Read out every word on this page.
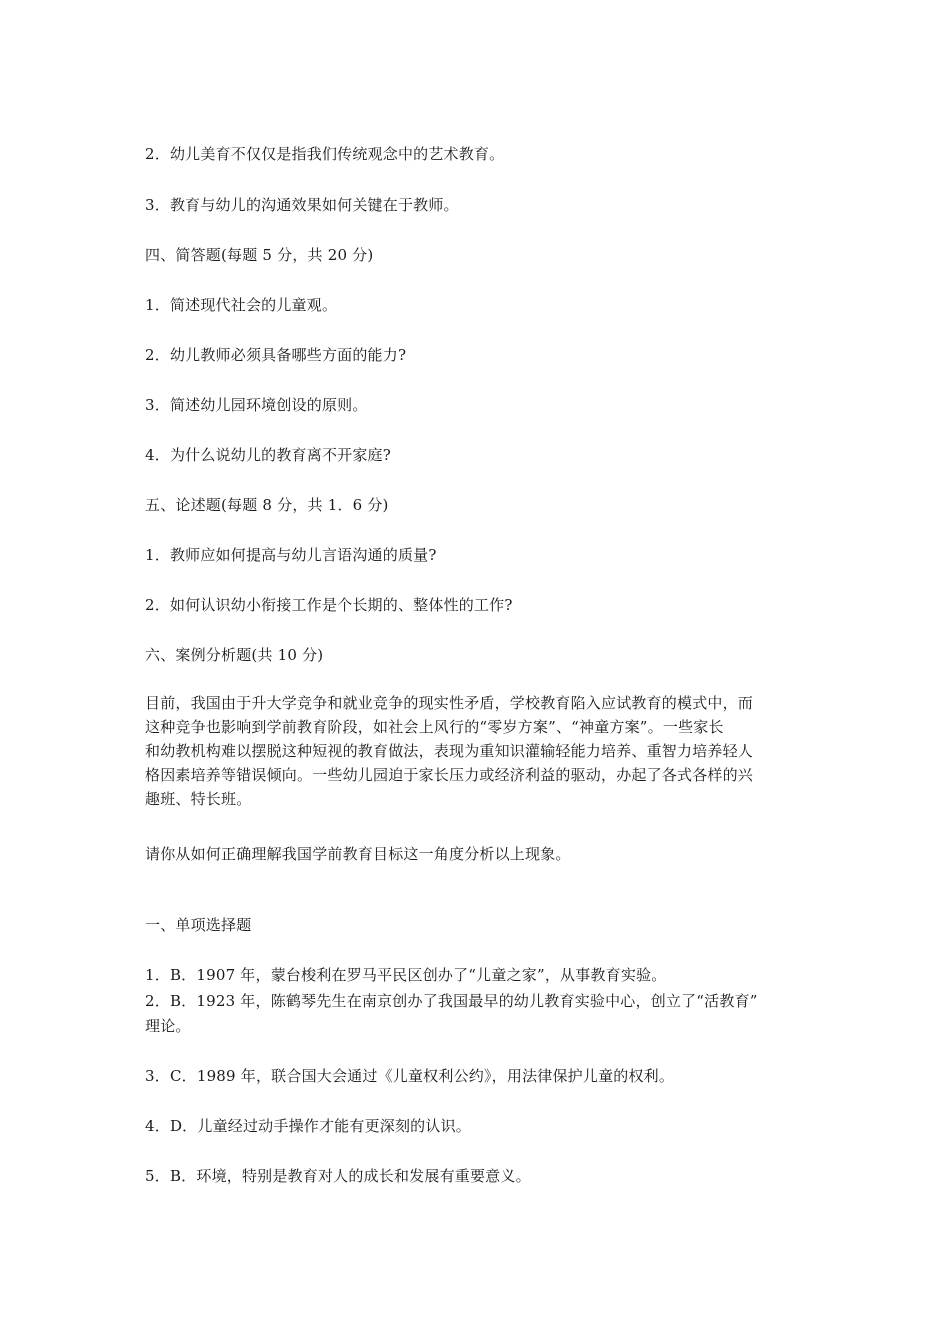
2．幼儿美育不仅仅是指我们传统观念中的艺术教育。
3．教育与幼儿的沟通效果如何关键在于教师。
四、简答题(每题 5 分，共 20 分)
1．简述现代社会的儿童观。
2．幼儿教师必须具备哪些方面的能力?
3．简述幼儿园环境创设的原则。
4．为什么说幼儿的教育离不开家庭?
五、论述题(每题 8 分，共 1．6 分)
1．教师应如何提高与幼儿言语沟通的质量?
2．如何认识幼小衔接工作是个长期的、整体性的工作?
六、案例分析题(共 10 分)
目前，我国由于升大学竞争和就业竞争的现实性矛盾，学校教育陷入应试教育的模式中，而
这种竞争也影响到学前教育阶段，如社会上风行的“零岁方案”、“神童方案”。一些家长
和幼教机构难以摆脱这种短视的教育做法，表现为重知识灌输轻能力培养、重智力培养轻人
格因素培养等错误倾向。一些幼儿园迫于家长压力或经济利益的驱动，办起了各式各样的兴
趣班、特长班。
请你从如何正确理解我国学前教育目标这一角度分析以上现象。
一、单项选择题
1．B．1907 年，蒙台梭利在罗马平民区创办了“儿童之家”，从事教育实验。
2．B．1923 年，陈鹤琴先生在南京创办了我国最早的幼儿教育实验中心，创立了“活教育”
理论。
3．C．1989 年，联合国大会通过《儿童权利公约》，用法律保护儿童的权利。
4．D．儿童经过动手操作才能有更深刻的认识。
5．B．环境，特别是教育对人的成长和发展有重要意义。
